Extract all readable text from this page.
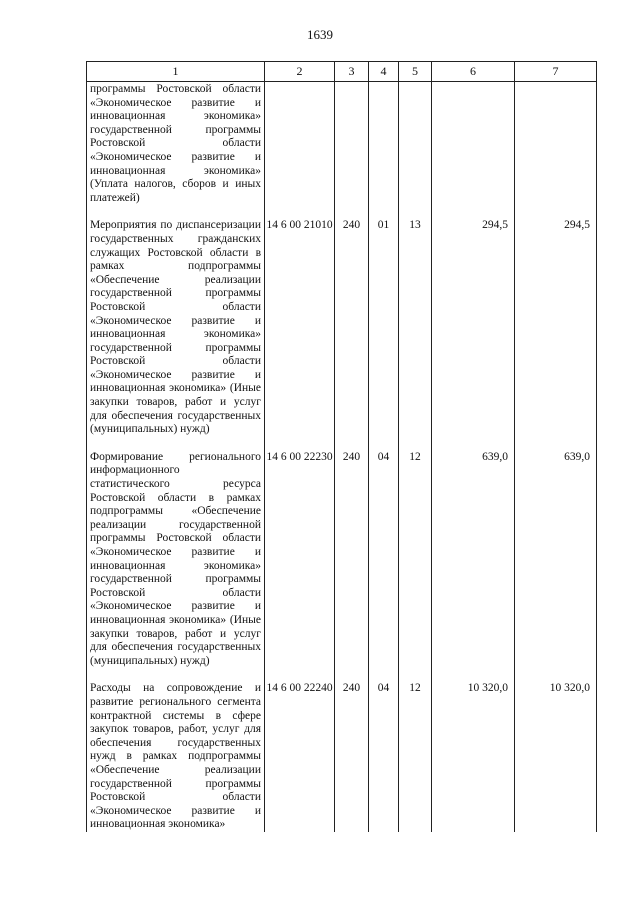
1639
1	2	3	4	5	6	7
программы Ростовской области «Экономическое развитие и инновационная экономика» государственной программы Ростовской области «Экономическое развитие и инновационная экономика» (Уплата налогов, сборов и иных платежей)						
Мероприятия по диспансеризации государственных гражданских служащих Ростовской области в рамках подпрограммы «Обеспечение реализации государственной программы Ростовской области «Экономическое развитие и инновационная экономика» государственной программы Ростовской области «Экономическое развитие и инновационная экономика» (Иные закупки товаров, работ и услуг для обеспечения государственных (муниципальных) нужд)	14 6 00 21010	240	01	13	294,5	294,5
Формирование регионального информационного статистического ресурса Ростовской области в рамках подпрограммы «Обеспечение реализации государственной программы Ростовской области «Экономическое развитие и инновационная экономика» государственной программы Ростовской области «Экономическое развитие и инновационная экономика» (Иные закупки товаров, работ и услуг для обеспечения государственных (муниципальных) нужд)	14 6 00 22230	240	04	12	639,0	639,0
Расходы на сопровождение и развитие регионального сегмента контрактной системы в сфере закупок товаров, работ, услуг для обеспечения государственных нужд в рамках подпрограммы «Обеспечение реализации государственной программы Ростовской области «Экономическое развитие и инновационная экономика»	14 6 00 22240	240	04	12	10 320,0	10 320,0
